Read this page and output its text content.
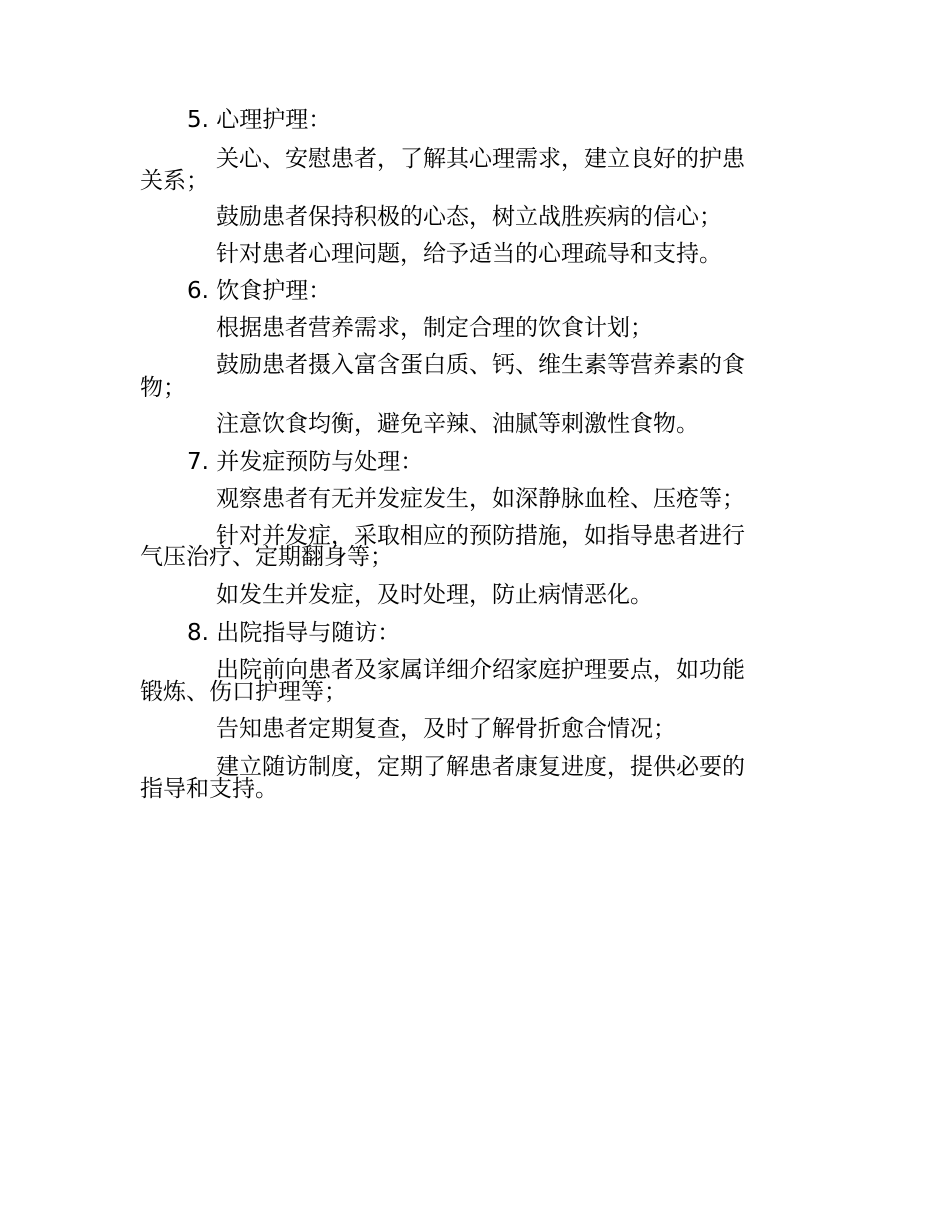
5. 心理护理：
关心、安慰患者，了解其心理需求，建立良好的护患
关系；
鼓励患者保持积极的心态，树立战胜疾病的信心；
针对患者心理问题，给予适当的心理疏导和支持。
6. 饮食护理：
根据患者营养需求，制定合理的饮食计划；
鼓励患者摄入富含蛋白质、钙、维生素等营养素的食
物；
注意饮食均衡，避免辛辣、油腻等刺激性食物。
7. 并发症预防与处理：
观察患者有无并发症发生，如深静脉血栓、压疮等；
针对并发症，采取相应的预防措施，如指导患者进行
气压治疗、定期翻身等；
如发生并发症，及时处理，防止病情恶化。
8. 出院指导与随访：
出院前向患者及家属详细介绍家庭护理要点，如功能
锻炼、伤口护理等；
告知患者定期复查，及时了解骨折愈合情况；
建立随访制度，定期了解患者康复进度，提供必要的
指导和支持。
